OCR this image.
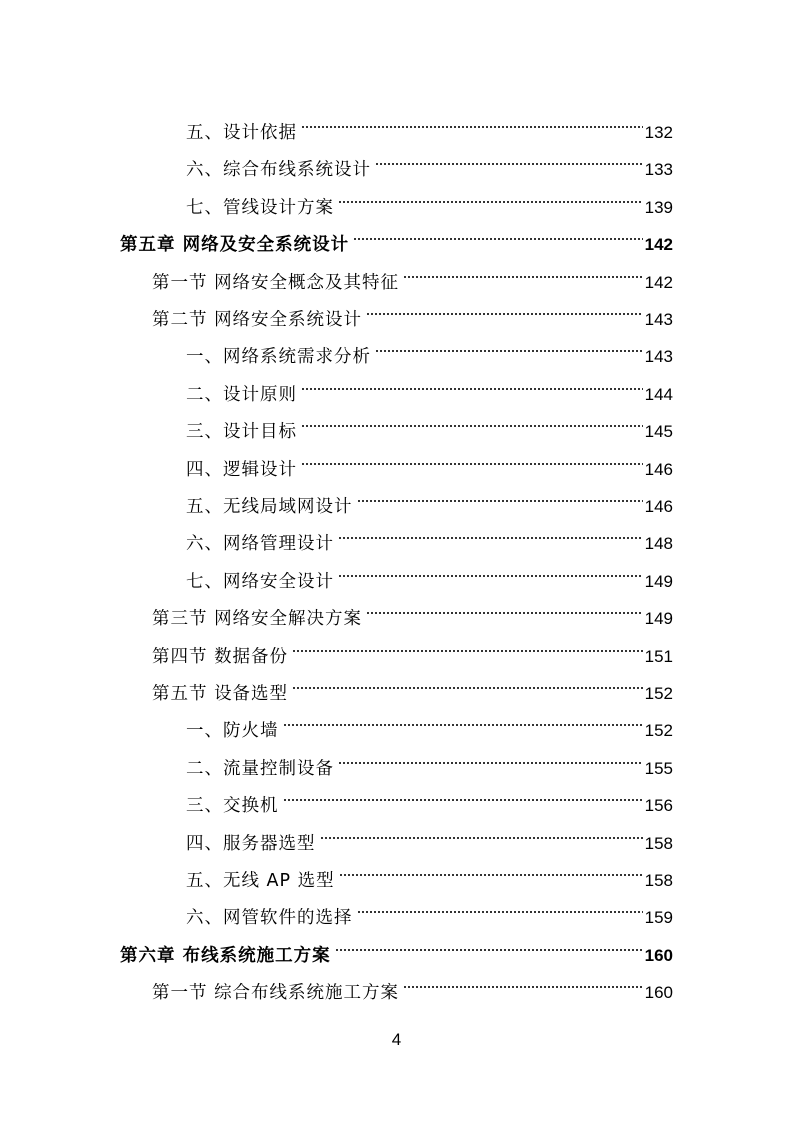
五、设计依据	132
六、综合布线系统设计	133
七、管线设计方案	139
第五章 网络及安全系统设计	142
第一节 网络安全概念及其特征	142
第二节 网络安全系统设计	143
一、网络系统需求分析	143
二、设计原则	144
三、设计目标	145
四、逻辑设计	146
五、无线局域网设计	146
六、网络管理设计	148
七、网络安全设计	149
第三节 网络安全解决方案	149
第四节 数据备份	151
第五节 设备选型	152
一、防火墙	152
二、流量控制设备	155
三、交换机	156
四、服务器选型	158
五、无线 AP 选型	158
六、网管软件的选择	159
第六章 布线系统施工方案	160
第一节 综合布线系统施工方案	160
4
